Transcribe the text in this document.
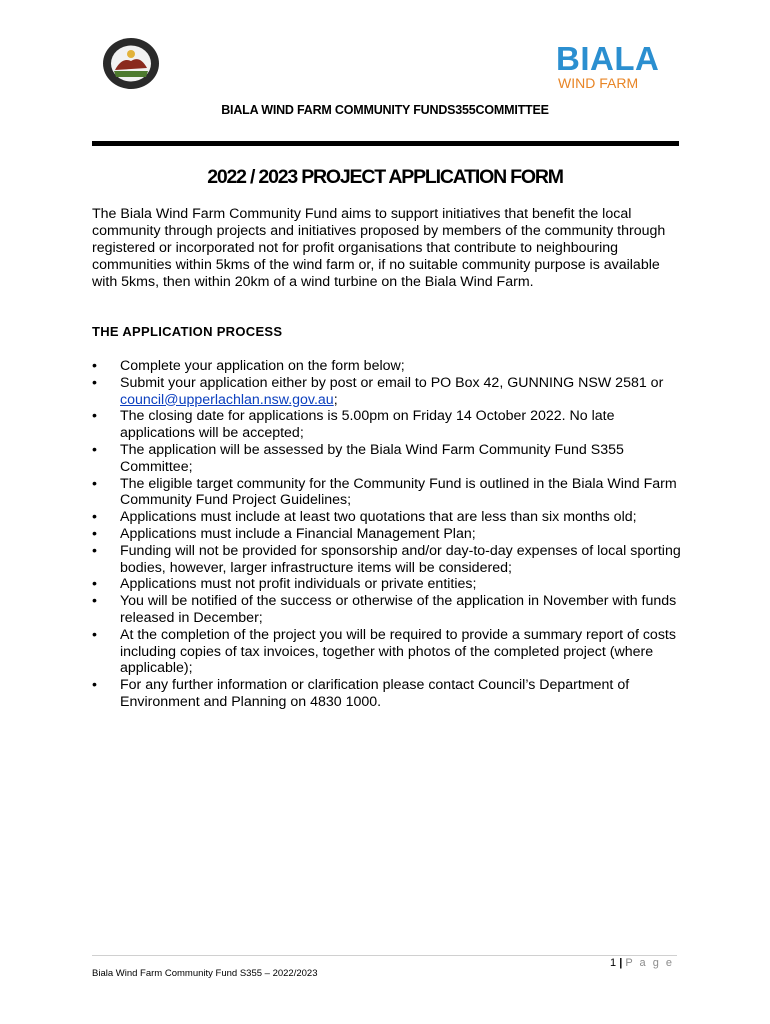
BIALA
WIND FARM
BIALA WIND FARM COMMUNITY FUNDS355COMMITTEE
2022 / 2023 PROJECT APPLICATION FORM

The Biala Wind Farm Community Fund aims to support initiatives that benefit the local community through projects and initiatives proposed by members of the community through registered or incorporated not for profit organisations that contribute to neighbouring communities within 5kms of the wind farm or, if no suitable community purpose is available with 5kms, then within 20km of a wind turbine on the Biala Wind Farm.

THE APPLICATION PROCESS
• Complete your application on the form below;
• Submit your application either by post or email to PO Box 42, GUNNING NSW 2581 or council@upperlachlan.nsw.gov.au;
• The closing date for applications is 5.00pm on Friday 14 October 2022. No late applications will be accepted;
• The application will be assessed by the Biala Wind Farm Community Fund S355 Committee;
• The eligible target community for the Community Fund is outlined in the Biala Wind Farm Community Fund Project Guidelines;
• Applications must include at least two quotations that are less than six months old;
• Applications must include a Financial Management Plan;
• Funding will not be provided for sponsorship and/or day-to-day expenses of local sporting bodies, however, larger infrastructure items will be considered;
• Applications must not profit individuals or private entities;
• You will be notified of the success or otherwise of the application in November with funds released in December;
• At the completion of the project you will be required to provide a summary report of costs including copies of tax invoices, together with photos of the completed project (where applicable);
• For any further information or clarification please contact Council’s Department of Environment and Planning on 4830 1000.
1 | P a g e
Biala Wind Farm Community Fund S355 – 2022/2023
